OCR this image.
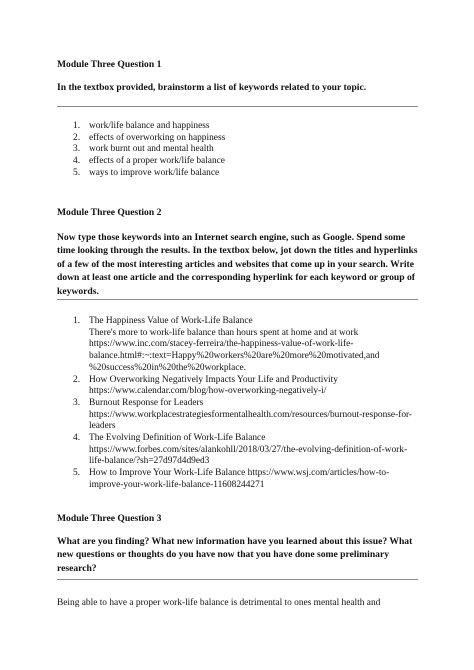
Module Three Question 1
In the textbox provided, brainstorm a list of keywords related to your topic.
1. work/life balance and happiness
2. effects of overworking on happiness
3. work burnt out and mental health
4. effects of a proper work/life balance
5. ways to improve work/life balance
Module Three Question 2
Now type those keywords into an Internet search engine, such as Google. Spend some time looking through the results. In the textbox below, jot down the titles and hyperlinks of a few of the most interesting articles and websites that come up in your search. Write down at least one article and the corresponding hyperlink for each keyword or group of keywords.
1. The Happiness Value of Work-Life Balance
There's more to work-life balance than hours spent at home and at work
https://www.inc.com/stacey-ferreira/the-happiness-value-of-work-life-
balance.html#:~:text=Happy%20workers%20are%20more%20motivated,and
%20success%20in%20the%20workplace.
2. How Overworking Negatively Impacts Your Life and Productivity
https://www.calendar.com/blog/how-overworking-negatively-i/
3. Burnout Response for Leaders
https://www.workplacestrategiesformentalhealth.com/resources/burnout-response-for-
leaders
4. The Evolving Definition of Work-Life Balance
https://www.forbes.com/sites/alankohll/2018/03/27/the-evolving-definition-of-work-
life-balance/?sh=27d97d4d9ed3
5. How to Improve Your Work-Life Balance https://www.wsj.com/articles/how-to-
improve-your-work-life-balance-11608244271
Module Three Question 3
What are you finding? What new information have you learned about this issue? What new questions or thoughts do you have now that you have done some preliminary research?
Being able to have a proper work-life balance is detrimental to ones mental health and
